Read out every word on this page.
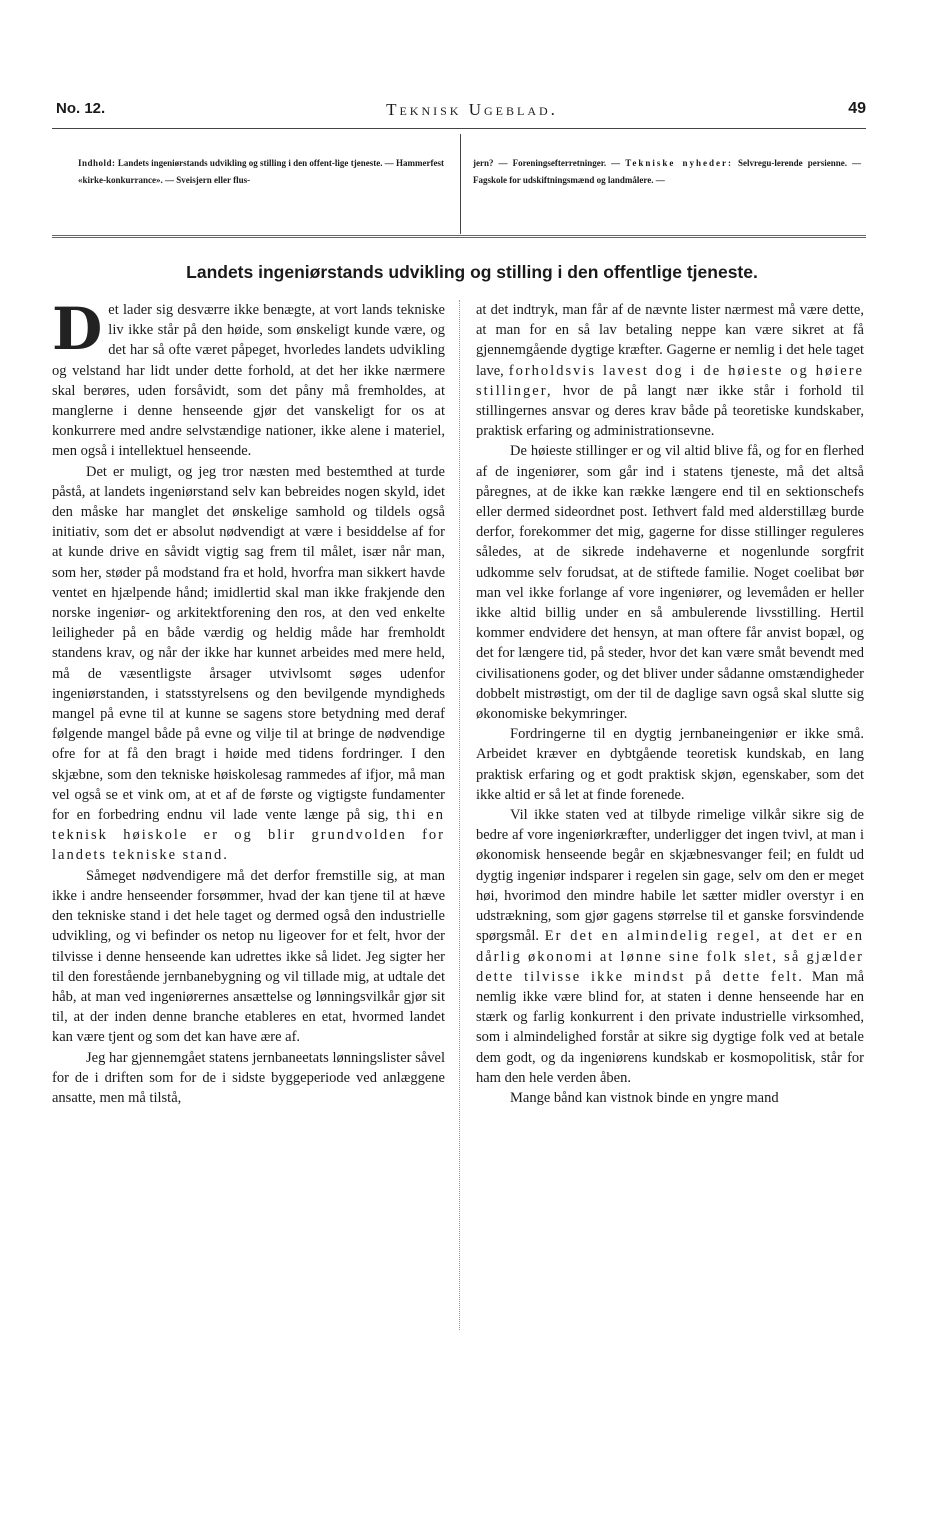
No. 12.	Teknisk Ugeblad.	49

Indhold: Landets ingeniørstands udvikling og stilling i den offent-lige tjeneste. — Hammerfest «kirke-konkurrance». — Sveisjern eller flus-

jern? — Foreningsefterretninger. — Tekniske nyheder: Selvregu-lerende persienne. — Fagskole for udskiftningsmænd og landmålere. —

Landets ingeniørstands udvikling og stilling i den offentlige tjeneste.

Det lader sig desværre ikke benægte, at vort lands tekniske liv ikke står på den høide, som ønskeligt kunde være, og det har så ofte været påpeget, hvorledes landets udvikling og velstand har lidt under dette forhold, at det her ikke nærmere skal berøres, uden forsåvidt, som det påny må fremholdes, at manglerne i denne henseende gjør det vanskeligt for os at konkurrere med andre selvstændige nationer, ikke alene i materiel, men også i intellektuel henseende.

Det er muligt, og jeg tror næsten med bestemthed at turde påstå, at landets ingeniørstand selv kan bebreides nogen skyld, idet den måske har manglet det ønskelige samhold og tildels også initiativ, som det er absolut nødvendigt at være i besiddelse af for at kunde drive en såvidt vigtig sag frem til målet, især når man, som her, støder på modstand fra et hold, hvorfra man sikkert havde ventet en hjælpende hånd; imidlertid skal man ikke frakjende den norske ingeniør- og arkitektforening den ros, at den ved enkelte leiligheder på en både værdig og heldig måde har fremholdt standens krav, og når der ikke har kunnet arbeides med mere held, må de væsentligste årsager utvivlsomt søges udenfor ingeniørstanden, i statsstyrelsens og den bevilgende myndigheds mangel på evne til at kunne se sagens store betydning med deraf følgende mangel både på evne og vilje til at bringe de nødvendige ofre for at få den bragt i høide med tidens fordringer. I den skjæbne, som den tekniske høiskolesag rammedes af ifjor, må man vel også se et vink om, at et af de første og vigtigste fundamenter for en forbedring endnu vil lade vente længe på sig, thi en teknisk høiskole er og blir grundvolden for landets tekniske stand.

Såmeget nødvendigere må det derfor fremstille sig, at man ikke i andre henseender forsømmer, hvad der kan tjene til at hæve den tekniske stand i det hele taget og dermed også den industrielle udvikling, og vi befinder os netop nu ligeover for et felt, hvor der tilvisse i denne henseende kan udrettes ikke så lidet. Jeg sigter her til den forestående jernbanebygning og vil tillade mig, at udtale det håb, at man ved ingeniørernes ansættelse og lønningsvilkår gjør sit til, at der inden denne branche etableres en etat, hvormed landet kan være tjent og som det kan have ære af.

Jeg har gjennemgået statens jernbaneetats lønningslister såvel for de i driften som for de i sidste byggeperiode ved anlæggene ansatte, men må tilstå,

at det indtryk, man får af de nævnte lister nærmest må være dette, at man for en så lav betaling neppe kan være sikret at få gjennemgående dygtige kræfter. Gagerne er nemlig i det hele taget lave, forholdsvis lavest dog i de høieste og høiere stillinger, hvor de på langt nær ikke står i forhold til stillingernes ansvar og deres krav både på teoretiske kundskaber, praktisk erfaring og administrationsevne.

De høieste stillinger er og vil altid blive få, og for en flerhed af de ingeniører, som går ind i statens tjeneste, må det altså påregnes, at de ikke kan række længere end til en sektionschefs eller dermed sideordnet post. Iethvert fald med alderstillæg burde derfor, forekommer det mig, gagerne for disse stillinger reguleres således, at de sikrede indehaverne et nogenlunde sorgfrit udkomme selv forudsat, at de stiftede familie. Noget coelibat bør man vel ikke forlange af vore ingeniører, og levemåden er heller ikke altid billig under en så ambulerende livsstilling. Hertil kommer endvidere det hensyn, at man oftere får anvist bopæl, og det for længere tid, på steder, hvor det kan være småt bevendt med civilisationens goder, og det bliver under sådanne omstændigheder dobbelt mistrøstigt, om der til de daglige savn også skal slutte sig økonomiske bekymringer.

Fordringerne til en dygtig jernbaneingeniør er ikke små. Arbeidet kræver en dybtgående teoretisk kundskab, en lang praktisk erfaring og et godt praktisk skjøn, egenskaber, som det ikke altid er så let at finde forenede.

Vil ikke staten ved at tilbyde rimelige vilkår sikre sig de bedre af vore ingeniørkræfter, underligger det ingen tvivl, at man i økonomisk henseende begår en skjæbnesvanger feil; en fuldt ud dygtig ingeniør indsparer i regelen sin gage, selv om den er meget høi, hvorimod den mindre habile let sætter midler overstyr i en udstrækning, som gjør gagens størrelse til et ganske forsvindende spørgsmål. Er det en almindelig regel, at det er en dårlig økonomi at lønne sine folk slet, så gjælder dette tilvisse ikke mindst på dette felt. Man må nemlig ikke være blind for, at staten i denne henseende har en stærk og farlig konkurrent i den private industrielle virksomhed, som i almindelighed forstår at sikre sig dygtige folk ved at betale dem godt, og da ingeniørens kundskab er kosmopolitisk, står for ham den hele verden åben.

Mange bånd kan vistnok binde en yngre mand
